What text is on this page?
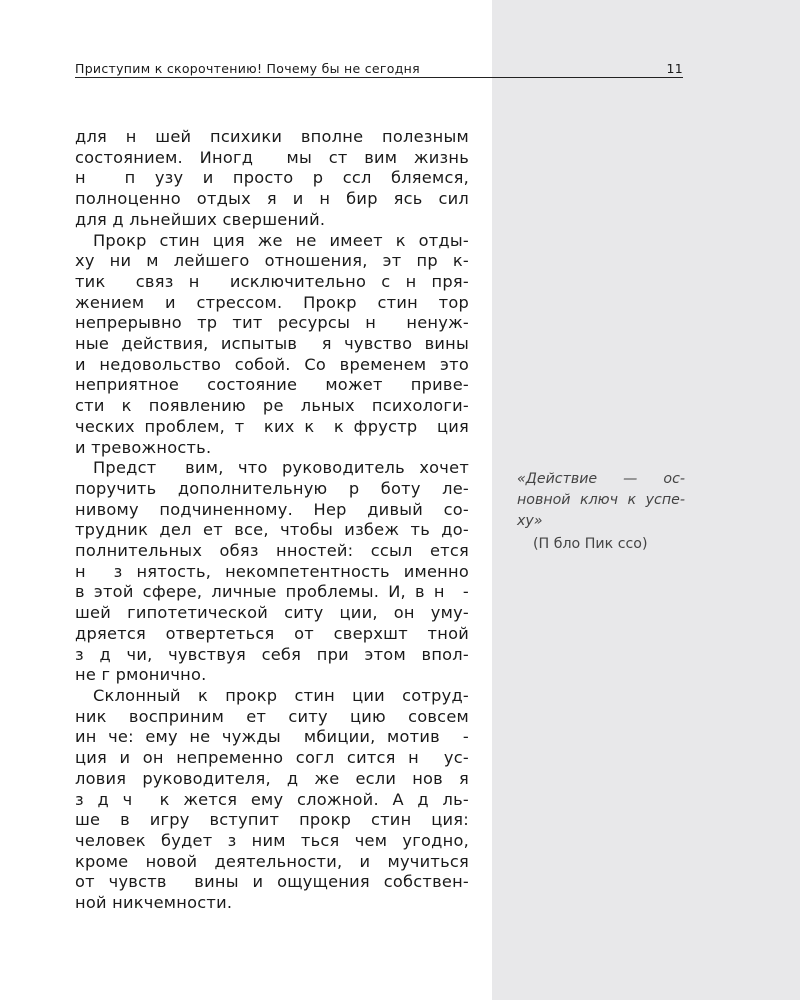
Приступим к скорочтению! Почему бы не сегодня	11
для н шей психики вполне полезным
состоянием. Иногд  мы ст вим жизнь
н  п узу и просто р ссл бляемся,
полноценно отдых я и н бир ясь сил
для д льнейших свершений.
Прокр стин ция же не имеет к отды-
ху ни м лейшего отношения, эт пр к-
тик  связ н  исключительно с н пря-
жением и стрессом. Прокр стин тор
непрерывно тр тит ресурсы н  ненуж-
ные действия, испытыв  я чувство вины
и недовольство собой. Со временем это
неприятное состояние может приве-
сти к появлению ре льных психологи-
ческих проблем, т  ких к  к фрустр  ция
и тревожность.
Предст  вим, что руководитель хочет
поручить дополнительную р боту ле-
нивому подчиненному. Нер дивый со-
трудник дел ет все, чтобы избеж ть до-
полнительных обяз нностей: ссыл ется
н  з нятость, некомпетентность именно
в этой сфере, личные проблемы. И, в н  -
шей гипотетической ситу ции, он уму-
дряется отвертеться от сверхшт тной
з д чи, чувствуя себя при этом впол-
не г рмонично.
Склонный к прокр стин ции сотруд-
ник восприним ет ситу цию совсем
ин че: ему не чужды  мбиции, мотив  -
ция и он непременно согл сится н  ус-
ловия руководителя, д же если нов я
з д ч  к жется ему сложной. А д ль-
ше в игру вступит прокр стин ция:
человек будет з ним ться чем угодно,
кроме новой деятельности, и мучиться
от чувств  вины и ощущения собствен-
ной никчемности.
«Действие — ос-
новной ключ к успе-
ху»
(П бло Пик ссо)
